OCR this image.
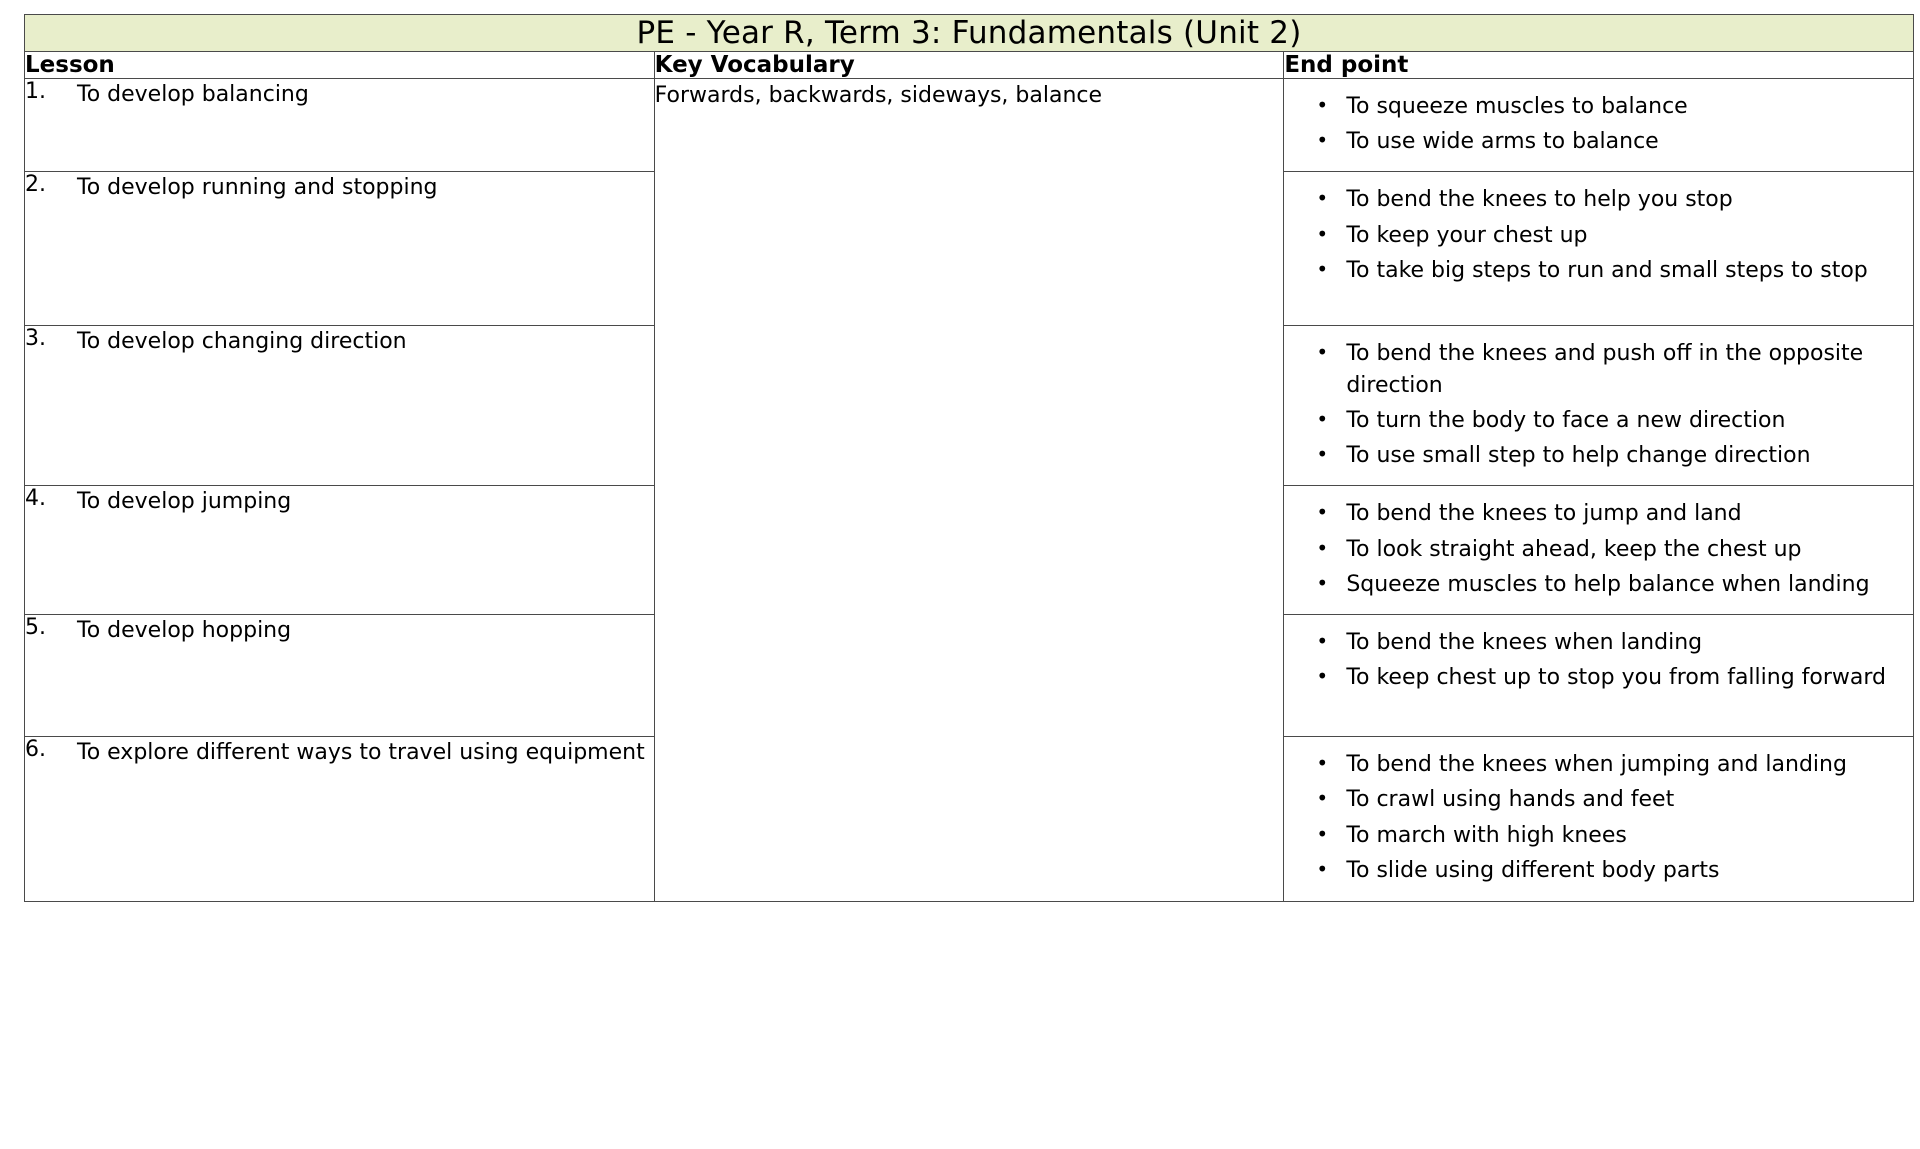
PE - Year R, Term 3: Fundamentals (Unit 2)		
Lesson	Key Vocabulary	End point

1.	To develop balancing	Forwards, backwards, sideways, balance	
•To squeeze muscles to balance
• To use wide arms to balance

2.	To develop running and stopping

•To bend the knees to help you stop
• To keep your chest up
• To take big steps to run and small steps to stop

3.	To develop changing direction

•To bend the knees and push off in the opposite direction
• To turn the body to face a new direction
• To use small step to help change direction

4.	To develop jumping

•To bend the knees to jump and land
• To look straight ahead, keep the chest up
• Squeeze muscles to help balance when landing

5.	To develop hopping

•To bend the knees when landing
• To keep chest up to stop you from falling forward

6.	To explore different ways to travel using equipment

•To bend the knees when jumping and landing
• To crawl using hands and feet
• To march with high knees
• To slide using different body parts
